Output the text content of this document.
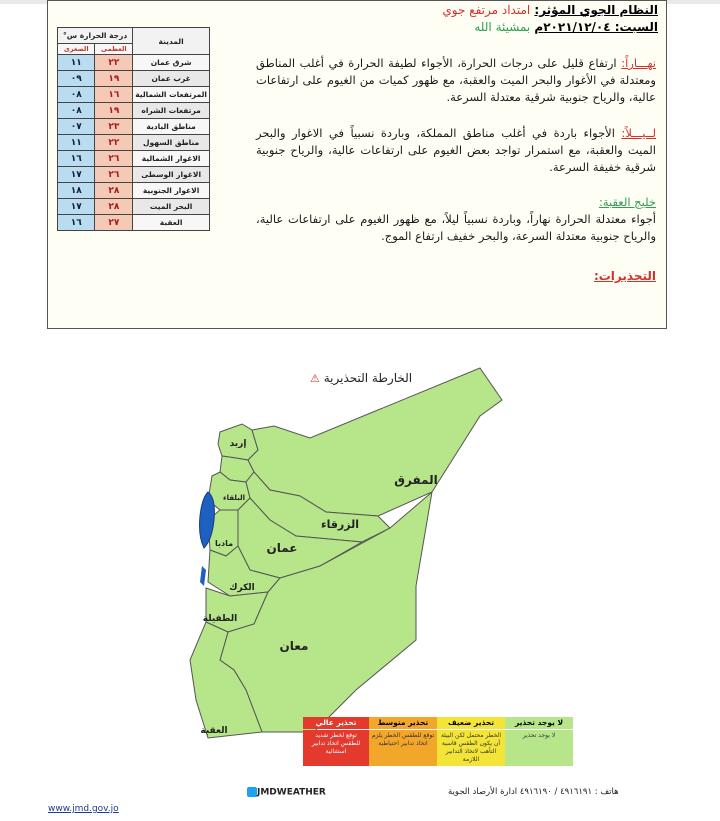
النظام الجوي المؤثر: امتداد مرتفع جوي
السبت: ٢٠٢١/١٢/٠٤م بمشيئة الله
نهـــاراً: ارتفاع قليل على درجات الحرارة، الأجواء لطيفة الحرارة في أغلب المناطق ومعتدلة في الأغوار والبحر الميت والعقبة، مع ظهور كميات من الغيوم على ارتفاعات عالية، والرياح جنوبية شرقية معتدلة السرعة.
لــيـــلاً: الأجواء باردة في أغلب مناطق المملكة، وباردة نسبياً في الاغوار والبحر الميت والعقبة، مع استمرار تواجد بعض الغيوم على ارتفاعات عالية، والرياح جنوبية شرقية خفيفة السرعة.
خليج العقبة:
أجواء معتدلة الحرارة نهاراً، وباردة نسبياً ليلاً، مع ظهور الغيوم على ارتفاعات عالية، والرياح جنوبية معتدلة السرعة، والبحر خفيف ارتفاع الموج.
التحذيرات:
المدينة	درجة الحرارة س°	
	العظمى	الصغرى
شرق عمان	٢٢	١١
غرب عمان	١٩	٠٩
المرتفعات الشمالية	١٦	٠٨
مرتفعات الشراه	١٩	٠٨
مناطق البادية	٢٣	٠٧
مناطق السهول	٢٢	١١
الاغوار الشمالية	٢٦	١٦
الاغوار الوسطى	٢٦	١٧
الاغوار الجنوبية	٢٨	١٨
البحر الميت	٢٨	١٧
العقبة	٢٧	١٦
الخارطة التحذيرية ⚠
إربد
المفرق
الزرقاء
البلقاء
عمان
مادبا
الكرك
الطفيلة
معان
العقبة
لا يوجد تحذير
تحذير ضعيف
تحذير متوسط
تحذير عالي
لا يوجد تحذير
الخطر محتمل لكن البيئة أن يكون الطقس قاسية التأهب لاتخاذ التدابير اللازمة
توقع للطقس الخطر يلزم اتخاذ تدابير احتياطية
توقع لخطر شديد للطقس اتخاذ تدابير استثنائية
JMDWEATHER	هاتف : ٤٩١٦١٩١ / ٤٩١٦١٩٠ ادارة الأرصاد الجوية
www.jmd.gov.jo
